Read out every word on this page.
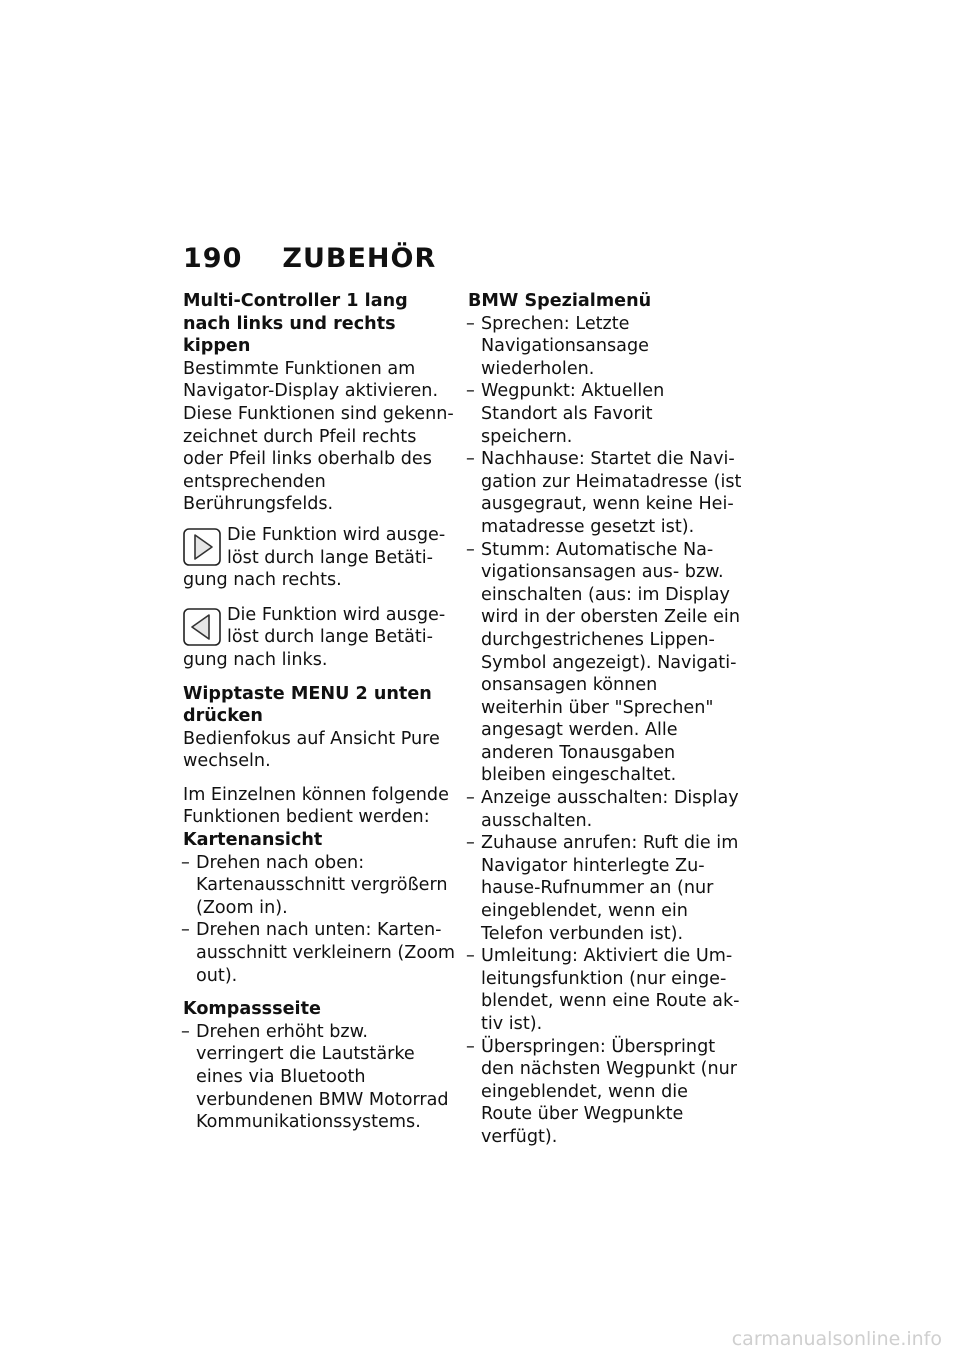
190 ZUBEHÖR

Multi-Controller 1 lang nach links und rechts kippen

Bestimmte Funktionen am Navigator-Display aktivieren. Diese Funktionen sind gekennzeichnet durch Pfeil rechts oder Pfeil links oberhalb des entsprechenden Berührungsfelds.

Die Funktion wird ausgelöst durch lange Betätigung nach rechts.
Die Funktion wird ausgelöst durch lange Betätigung nach links.

Wipptaste MENU 2 unten drücken

Bedienfokus auf Ansicht Pure wechseln.

Im Einzelnen können folgende Funktionen bedient werden:

Kartenansicht

– Drehen nach oben: Kartenausschnitt vergrößern (Zoom in).
– Drehen nach unten: Kartenausschnitt verkleinern (Zoom out).

Kompassseite

– Drehen erhöht bzw. verringert die Lautstärke eines via Bluetooth verbundenen BMW Motorrad Kommunikationssystems.

BMW Spezialmenü

– Sprechen: Letzte Navigationsansage wiederholen.
– Wegpunkt: Aktuellen Standort als Favorit speichern.
– Nachhause: Startet die Navigation zur Heimatadresse (ist ausgegraut, wenn keine Heimatadresse gesetzt ist).
– Stumm: Automatische Navigationsansagen aus- bzw. einschalten (aus: im Display wird in der obersten Zeile ein durchgestrichenes Lippen-Symbol angezeigt). Navigationsansagen können weiterhin über "Sprechen" angesagt werden. Alle anderen Tonausgaben bleiben eingeschaltet.
– Anzeige ausschalten: Display ausschalten.
– Zuhause anrufen: Ruft die im Navigator hinterlegte Zuhause-Rufnummer an (nur eingeblendet, wenn ein Telefon verbunden ist).
– Umleitung: Aktiviert die Umleitungsfunktion (nur eingeblendet, wenn eine Route aktiv ist).
– Überspringen: Überspringt den nächsten Wegpunkt (nur eingeblendet, wenn die Route über Wegpunkte verfügt).
carmanualsonline.info
